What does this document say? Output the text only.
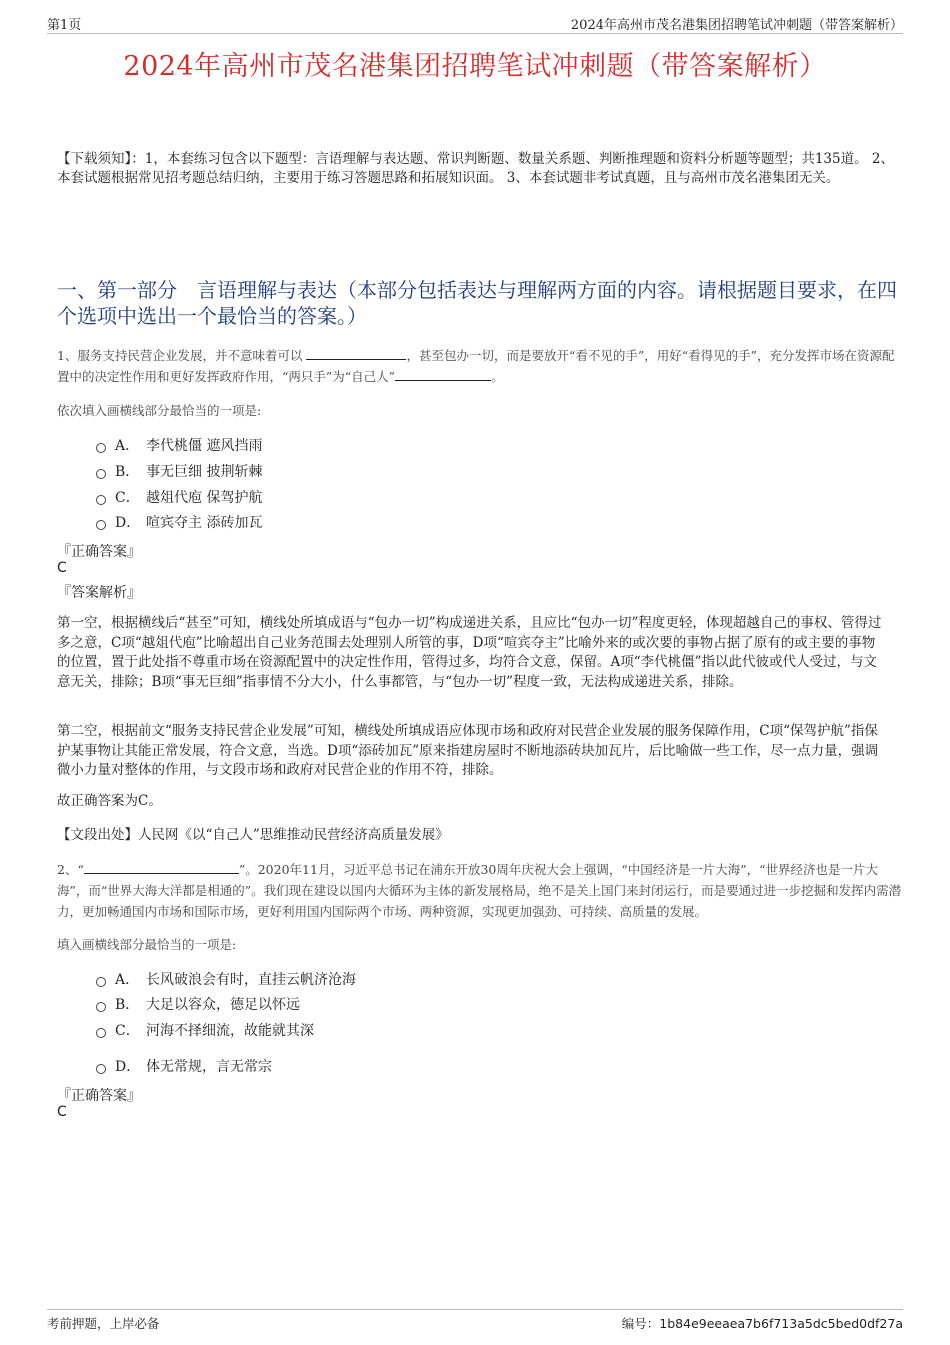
第1页	2024年高州市茂名港集团招聘笔试冲刺题（带答案解析）
2024年高州市茂名港集团招聘笔试冲刺题（带答案解析）
【下载须知】：1，本套练习包含以下题型：言语理解与表达题、常识判断题、数量关系题、判断推理题和资料分析题等题型；共135道。 2、本套试题根据常见招考题总结归纳，主要用于练习答题思路和拓展知识面。 3、本套试题非考试真题，且与高州市茂名港集团无关。
一、第一部分　言语理解与表达（本部分包括表达与理解两方面的内容。请根据题目要求，在四个选项中选出一个最恰当的答案。）
1、服务支持民营企业发展，并不意味着可以	，甚至包办一切，而是要放开“看不见的手”，用好“看得见的手”，充分发挥市场在资源配置中的决定性作用和更好发挥政府作用，“两只手”为“自己人”	。
依次填入画横线部分最恰当的一项是:
A． 李代桃僵 遮风挡雨
B． 事无巨细 披荆斩棘
C． 越俎代庖 保驾护航
D． 喧宾夺主 添砖加瓦
『正确答案』
C
『答案解析』
第一空，根据横线后“甚至”可知，横线处所填成语与“包办一切”构成递进关系，且应比“包办一切”程度更轻，体现超越自己的事权、管得过多之意，C项“越俎代庖”比喻超出自己业务范围去处理别人所管的事，D项“喧宾夺主”比喻外来的或次要的事物占据了原有的或主要的事物的位置，置于此处指不尊重市场在资源配置中的决定性作用，管得过多，均符合文意，保留。A项“李代桃僵”指以此代彼或代人受过，与文意无关，排除；B项“事无巨细”指事情不分大小，什么事都管，与“包办一切”程度一致，无法构成递进关系，排除。
第二空，根据前文“服务支持民营企业发展”可知，横线处所填成语应体现市场和政府对民营企业发展的服务保障作用，C项“保驾护航”指保护某事物让其能正常发展，符合文意，当选。D项“添砖加瓦”原来指建房屋时不断地添砖块加瓦片，后比喻做一些工作，尽一点力量，强调微小力量对整体的作用，与文段市场和政府对民营企业的作用不符，排除。
故正确答案为C。
【文段出处】人民网《以“自己人”思维推动民营经济高质量发展》
2、“	”。2020年11月，习近平总书记在浦东开放30周年庆祝大会上强调，“中国经济是一片大海”，“世界经济也是一片大海”，而“世界大海大洋都是相通的”。我们现在建设以国内大循环为主体的新发展格局，绝不是关上国门来封闭运行，而是要通过进一步挖掘和发挥内需潜力，更加畅通国内市场和国际市场，更好利用国内国际两个市场、两种资源，实现更加强劲、可持续、高质量的发展。
填入画横线部分最恰当的一项是:
A． 长风破浪会有时，直挂云帆济沧海
B． 大足以容众，德足以怀远
C． 河海不择细流，故能就其深
D． 体无常规，言无常宗
『正确答案』
C
考前押题，上岸必备	编号：1b84e9eeaea7b6f713a5dc5bed0df27a
